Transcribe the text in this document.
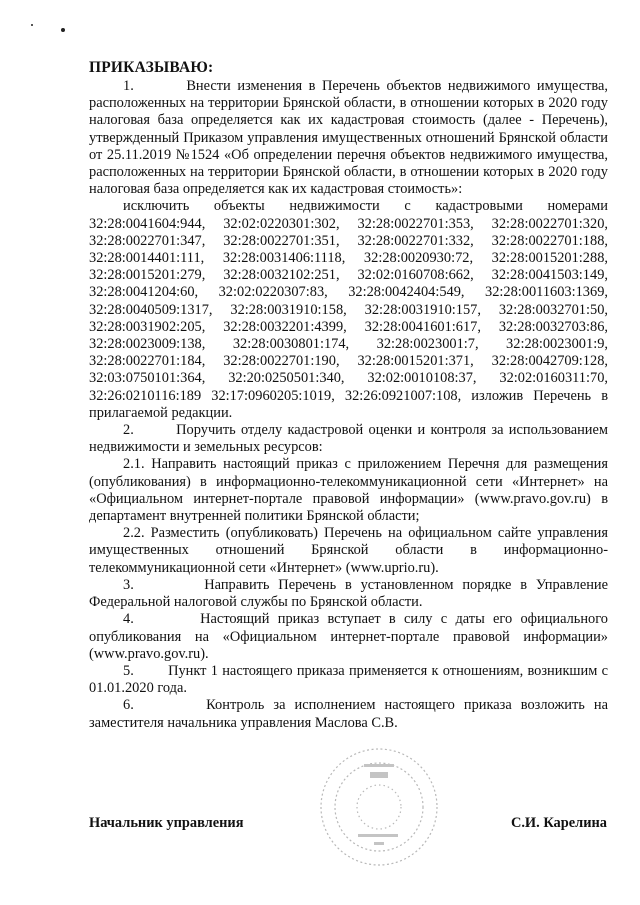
ПРИКАЗЫВАЮ:

1.        Внести изменения в Перечень объектов недвижимого имущества, расположенных на территории Брянской области, в отношении которых в 2020 году налоговая база определяется как их кадастровая стоимость (далее - Перечень), утвержденный Приказом управления имущественных отношений Брянской области от 25.11.2019 №1524 «Об определении перечня объектов недвижимого имущества, расположенных на территории Брянской области, в отношении которых в 2020 году налоговая база определяется как их кадастровая стоимость»:

исключить объекты недвижимости с кадастровыми номерами 32:28:0041604:944, 32:02:0220301:302, 32:28:0022701:353, 32:28:0022701:320, 32:28:0022701:347, 32:28:0022701:351, 32:28:0022701:332, 32:28:0022701:188, 32:28:0014401:111, 32:28:0031406:1118, 32:28:0020930:72, 32:28:0015201:288, 32:28:0015201:279, 32:28:0032102:251, 32:02:0160708:662, 32:28:0041503:149, 32:28:0041204:60, 32:02:0220307:83, 32:28:0042404:549, 32:28:0011603:1369, 32:28:0040509:1317, 32:28:0031910:158, 32:28:0031910:157, 32:28:0032701:50, 32:28:0031902:205, 32:28:0032201:4399, 32:28:0041601:617, 32:28:0032703:86, 32:28:0023009:138, 32:28:0030801:174, 32:28:0023001:7, 32:28:0023001:9, 32:28:0022701:184, 32:28:0022701:190, 32:28:0015201:371, 32:28:0042709:128, 32:03:0750101:364, 32:20:0250501:340, 32:02:0010108:37, 32:02:0160311:70, 32:26:0210116:189 32:17:0960205:1019, 32:26:0921007:108, изложив Перечень в прилагаемой редакции.

2.        Поручить отделу кадастровой оценки и контроля за использованием недвижимости и земельных ресурсов:

2.1. Направить настоящий приказ с приложением Перечня для размещения (опубликования) в информационно-телекоммуникационной сети «Интернет» на «Официальном интернет-портале правовой информации» (www.pravo.gov.ru) в департамент внутренней политики Брянской области;

2.2. Разместить (опубликовать) Перечень на официальном сайте управления имущественных отношений Брянской области в информационно-телекоммуникационной сети «Интернет» (www.uprio.ru).

3.        Направить Перечень в установленном порядке в Управление Федеральной налоговой службы по Брянской области.

4.        Настоящий приказ вступает в силу с даты его официального опубликования на «Официальном интернет-портале правовой информации» (www.pravo.gov.ru).

5.        Пункт 1 настоящего приказа применяется к отношениям, возникшим с 01.01.2020 года.

6.        Контроль за исполнением настоящего приказа возложить на заместителя начальника управления Маслова С.В.

Начальник управления	С.И. Карелина
